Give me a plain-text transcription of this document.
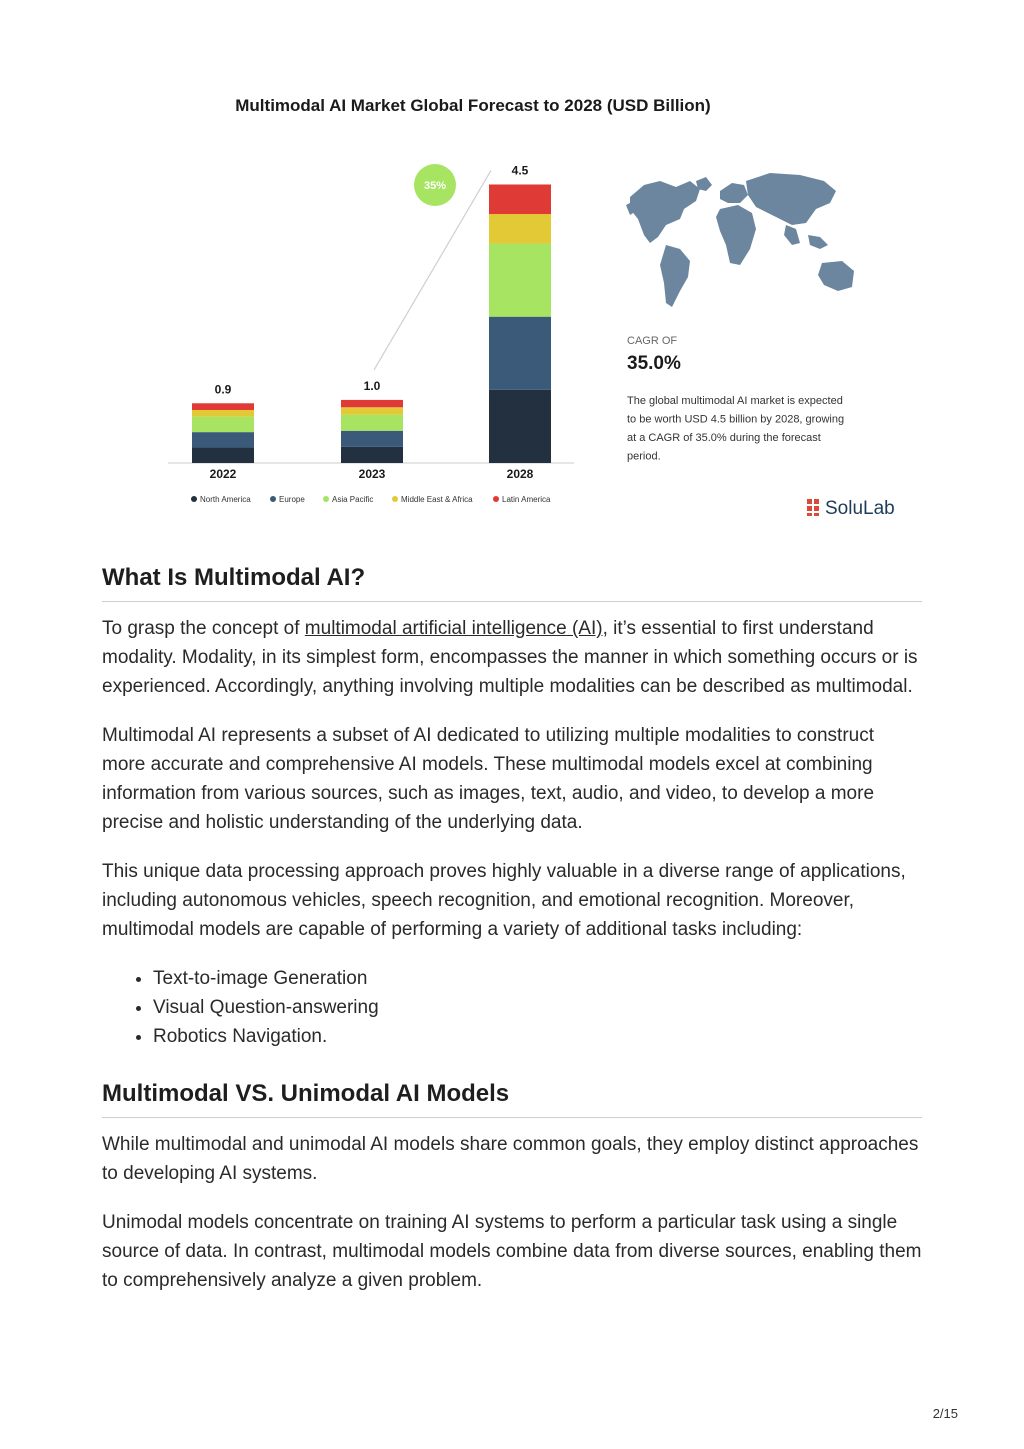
Multimodal AI Market Global Forecast to 2028 (USD Billion)
2022
0.9
2023
1.0
2028
4.5
35%
North America	Europe	Asia Pacific	Middle East & Africa	Latin America
CAGR OF
35.0%
The global multimodal AI market is expected
to be worth USD 4.5 billion by 2028, growing
at a CAGR of 35.0% during the forecast
period.
SoluLab
What Is Multimodal AI?

To grasp the concept of multimodal artificial intelligence (AI), it’s essential to first understand modality. Modality, in its simplest form, encompasses the manner in which something occurs or is experienced. Accordingly, anything involving multiple modalities can be described as multimodal.

Multimodal AI represents a subset of AI dedicated to utilizing multiple modalities to construct more accurate and comprehensive AI models. These multimodal models excel at combining information from various sources, such as images, text, audio, and video, to develop a more precise and holistic understanding of the underlying data.

This unique data processing approach proves highly valuable in a diverse range of applications, including autonomous vehicles, speech recognition, and emotional recognition. Moreover, multimodal models are capable of performing a variety of additional tasks including:

• Text-to-image Generation
• Visual Question-answering
• Robotics Navigation.
Multimodal VS. Unimodal AI Models

While multimodal and unimodal AI models share common goals, they employ distinct approaches to developing AI systems.

Unimodal models concentrate on training AI systems to perform a particular task using a single source of data. In contrast, multimodal models combine data from diverse sources, enabling them to comprehensively analyze a given problem.

2/15
